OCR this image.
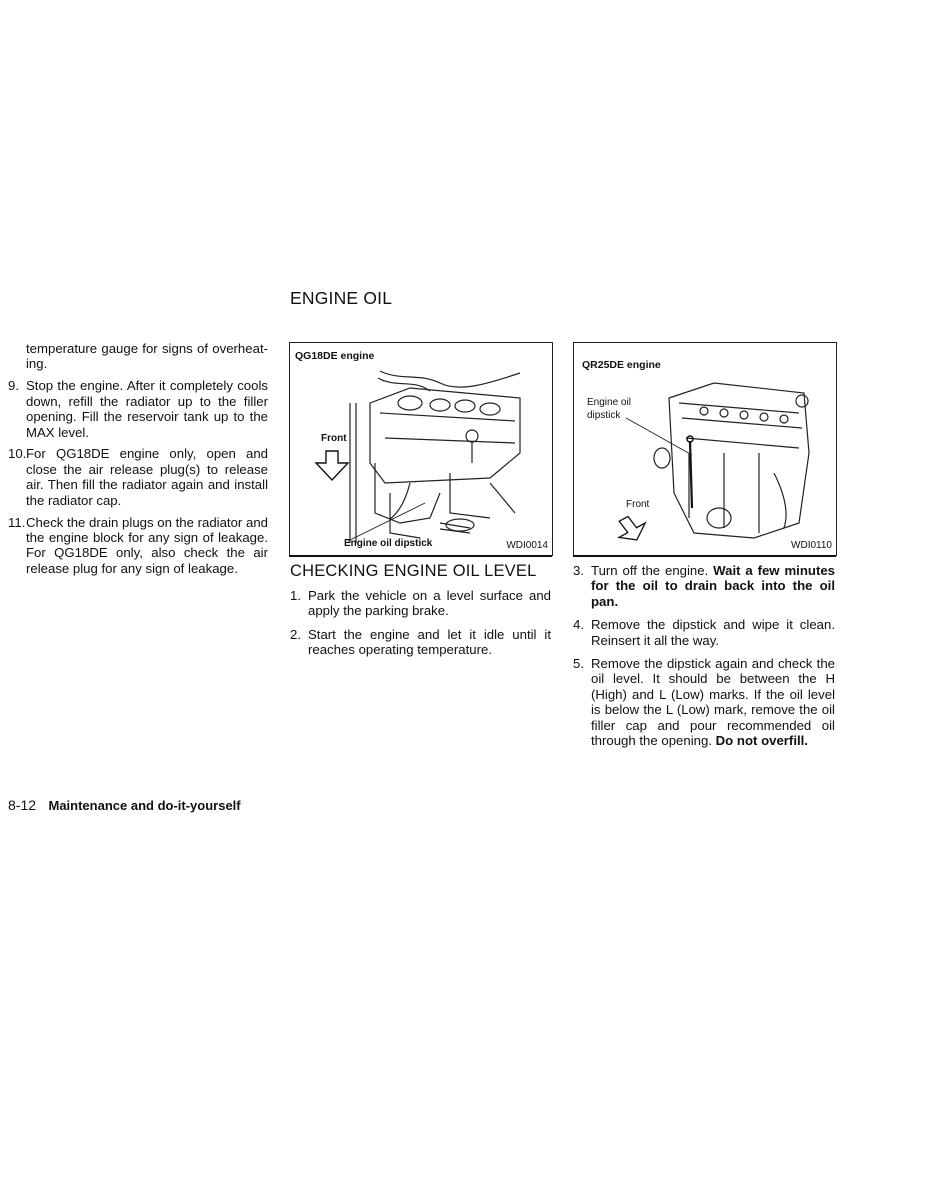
temperature gauge for signs of overheat-ing.
9. Stop the engine. After it completely cools down, refill the radiator up to the filler opening. Fill the reservoir tank up to the MAX level.
10. For QG18DE engine only, open and close the air release plug(s) to release air. Then fill the radiator again and install the radiator cap.
11. Check the drain plugs on the radiator and the engine block for any sign of leakage. For QG18DE only, also check the air release plug for any sign of leakage.
ENGINE OIL
QG18DE engine
Front
Engine oil dipstick	WDI0014
QR25DE engine
Engine oil
dipstick
Front
WDI0110
CHECKING ENGINE OIL LEVEL
1. Park the vehicle on a level surface and apply the parking brake.
2. Start the engine and let it idle until it reaches operating temperature.
3. Turn off the engine. Wait a few minutes for the oil to drain back into the oil pan.
4. Remove the dipstick and wipe it clean. Reinsert it all the way.
5. Remove the dipstick again and check the oil level. It should be between the H (High) and L (Low) marks. If the oil level is below the L (Low) mark, remove the oil filler cap and pour recommended oil through the opening. Do not overfill.
8-12 Maintenance and do-it-yourself
